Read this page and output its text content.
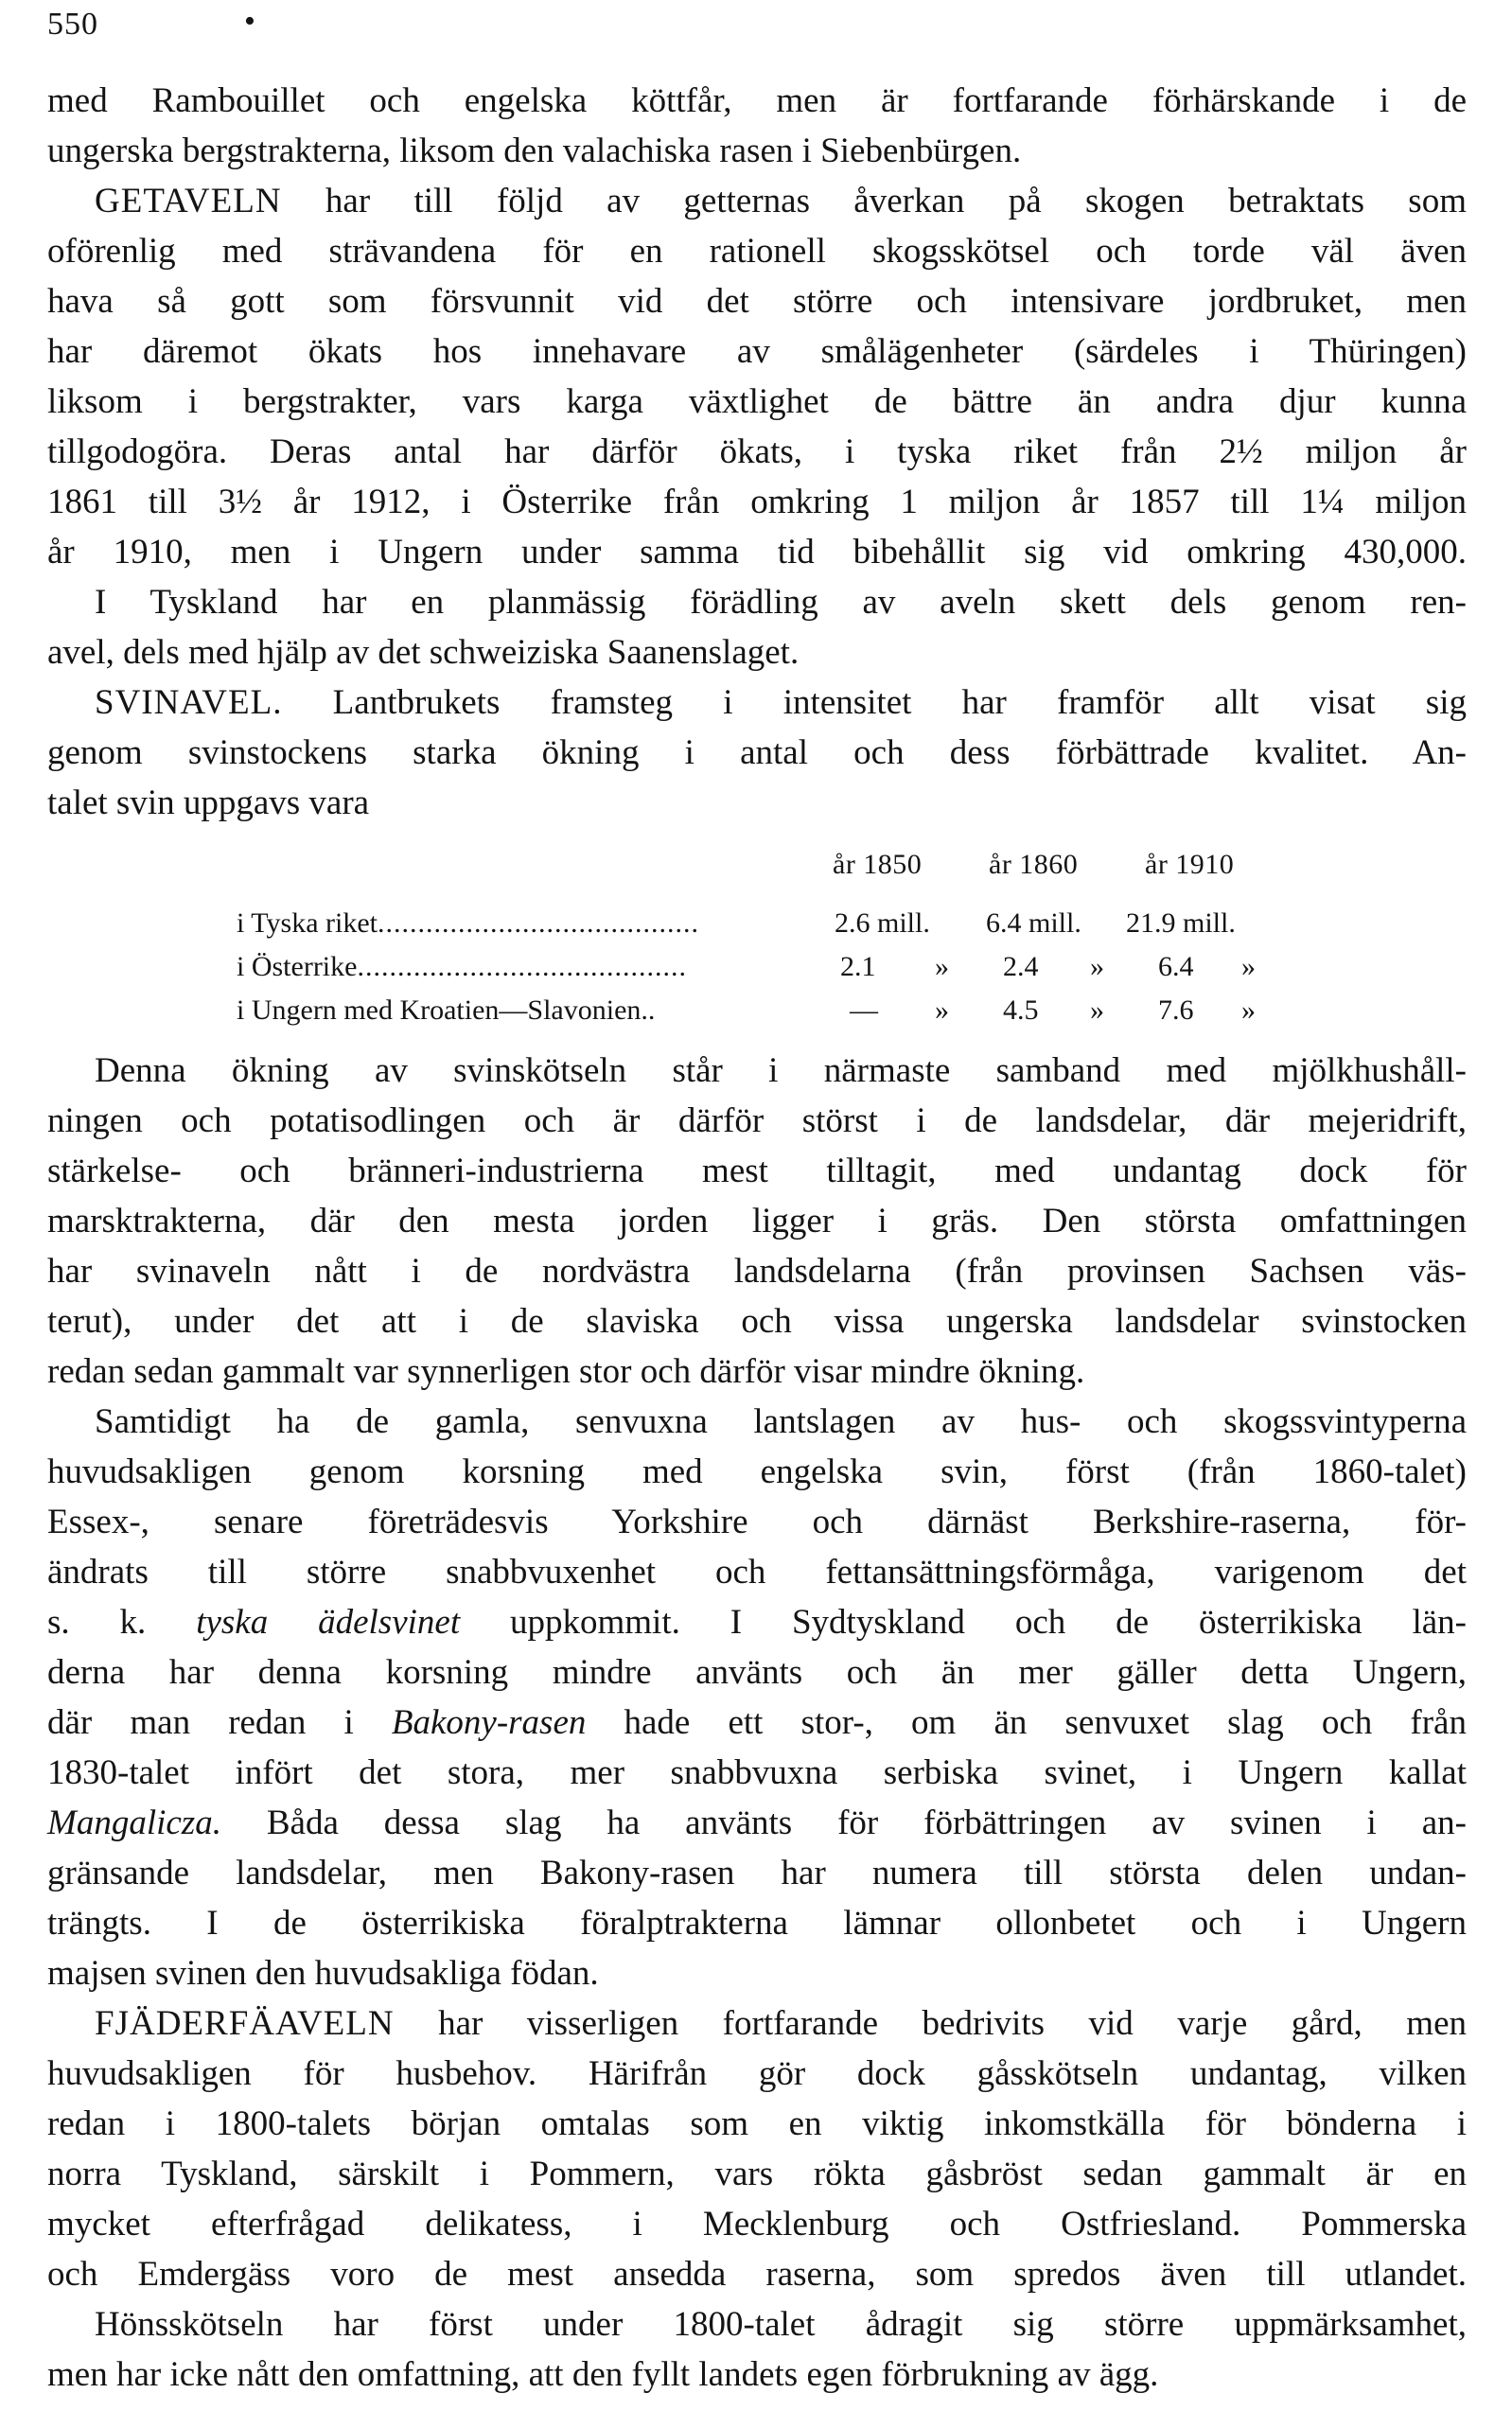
550	•
med Rambouillet och engelska köttfår, men är fortfarande förhärskande i de
ungerska bergstrakterna, liksom den valachiska rasen i Siebenbürgen.
GETAVELN har till följd av getternas åverkan på skogen betraktats som
oförenlig med strävandena för en rationell skogsskötsel och torde väl även
hava så gott som försvunnit vid det större och intensivare jordbruket, men
har däremot ökats hos innehavare av smålägenheter (särdeles i Thüringen)
liksom i bergstrakter, vars karga växtlighet de bättre än andra djur kunna
tillgodogöra. Deras antal har därför ökats, i tyska riket från 2½ miljon år
1861 till 3½ år 1912, i Österrike från omkring 1 miljon år 1857 till 1¼ miljon
år 1910, men i Ungern under samma tid bibehållit sig vid omkring 430,000.
I Tyskland har en planmässig förädling av aveln skett dels genom ren-
avel, dels med hjälp av det schweiziska Saanenslaget.
SVINAVEL. Lantbrukets framsteg i intensitet har framför allt visat sig
genom svinstockens starka ökning i antal och dess förbättrade kvalitet. An-
talet svin uppgavs vara
år 1850 år 1860 år 1910
i Tyska riket........................................	2.6 mill. 6.4 mill. 21.9 mill.
i Österrike.........................................	2.1 » 2.4 » 6.4 »
i Ungern med Kroatien—Slavonien..	— » 4.5 » 7.6 »
Denna ökning av svinskötseln står i närmaste samband med mjölkhushåll-
ningen och potatisodlingen och är därför störst i de landsdelar, där mejeridrift,
stärkelse- och bränneri-industrierna mest tilltagit, med undantag dock för
marsktrakterna, där den mesta jorden ligger i gräs. Den största omfattningen
har svinaveln nått i de nordvästra landsdelarna (från provinsen Sachsen väs-
terut), under det att i de slaviska och vissa ungerska landsdelar svinstocken
redan sedan gammalt var synnerligen stor och därför visar mindre ökning.
Samtidigt ha de gamla, senvuxna lantslagen av hus- och skogssvintyperna
huvudsakligen genom korsning med engelska svin, först (från 1860-talet)
Essex-, senare företrädesvis Yorkshire och därnäst Berkshire-raserna, för-
ändrats till större snabbvuxenhet och fettansättningsförmåga, varigenom det
s. k. tyska ädelsvinet uppkommit. I Sydtyskland och de österrikiska län-
derna har denna korsning mindre använts och än mer gäller detta Ungern,
där man redan i Bakony-rasen hade ett stor-, om än senvuxet slag och från
1830-talet infört det stora, mer snabbvuxna serbiska svinet, i Ungern kallat
Mangalicza. Båda dessa slag ha använts för förbättringen av svinen i an-
gränsande landsdelar, men Bakony-rasen har numera till största delen undan-
trängts. I de österrikiska föralptrakterna lämnar ollonbetet och i Ungern
majsen svinen den huvudsakliga födan.
FJÄDERFÄAVELN har visserligen fortfarande bedrivits vid varje gård, men
huvudsakligen för husbehov. Härifrån gör dock gåsskötseln undantag, vilken
redan i 1800-talets början omtalas som en viktig inkomstkälla för bönderna i
norra Tyskland, särskilt i Pommern, vars rökta gåsbröst sedan gammalt är en
mycket efterfrågad delikatess, i Mecklenburg och Ostfriesland. Pommerska
och Emdergäss voro de mest ansedda raserna, som spredos även till utlandet.
Hönsskötseln har först under 1800-talet ådragit sig större uppmärksamhet,
men har icke nått den omfattning, att den fyllt landets egen förbrukning av ägg.
